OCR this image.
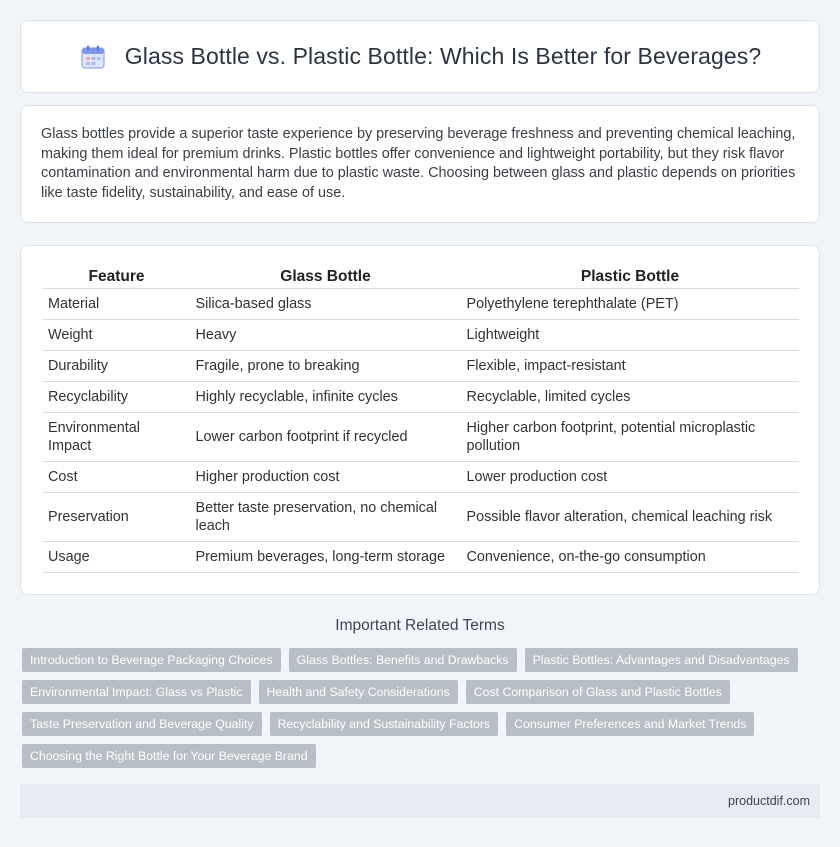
Glass Bottle vs. Plastic Bottle: Which Is Better for Beverages?

Glass bottles provide a superior taste experience by preserving beverage freshness and preventing chemical leaching, making them ideal for premium drinks. Plastic bottles offer convenience and lightweight portability, but they risk flavor contamination and environmental harm due to plastic waste. Choosing between glass and plastic depends on priorities like taste fidelity, sustainability, and ease of use.

Feature	Glass Bottle	Plastic Bottle
Material	Silica-based glass	Polyethylene terephthalate (PET)
Weight	Heavy	Lightweight
Durability	Fragile, prone to breaking	Flexible, impact-resistant
Recyclability	Highly recyclable, infinite cycles	Recyclable, limited cycles
Environmental Impact	Lower carbon footprint if recycled	Higher carbon footprint, potential microplastic pollution
Cost	Higher production cost	Lower production cost
Preservation	Better taste preservation, no chemical leach	Possible flavor alteration, chemical leaching risk
Usage	Premium beverages, long-term storage	Convenience, on-the-go consumption
Important Related Terms
Introduction to Beverage Packaging Choices	Glass Bottles: Benefits and Drawbacks	Plastic Bottles: Advantages and Disadvantages
Environmental Impact: Glass vs Plastic	Health and Safety Considerations	Cost Comparison of Glass and Plastic Bottles
Taste Preservation and Beverage Quality	Recyclability and Sustainability Factors	Consumer Preferences and Market Trends
Choosing the Right Bottle for Your Beverage Brand
productdif.com
